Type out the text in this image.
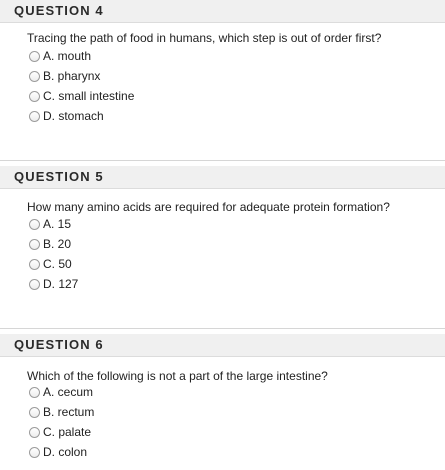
QUESTION 4
Tracing the path of food in humans, which step is out of order first?
A. mouth
B. pharynx
C. small intestine
D. stomach
QUESTION 5
How many amino acids are required for adequate protein formation?
A. 15
B. 20
C. 50
D. 127
QUESTION 6
Which of the following is not a part of the large intestine?
A. cecum
B. rectum
C. palate
D. colon
